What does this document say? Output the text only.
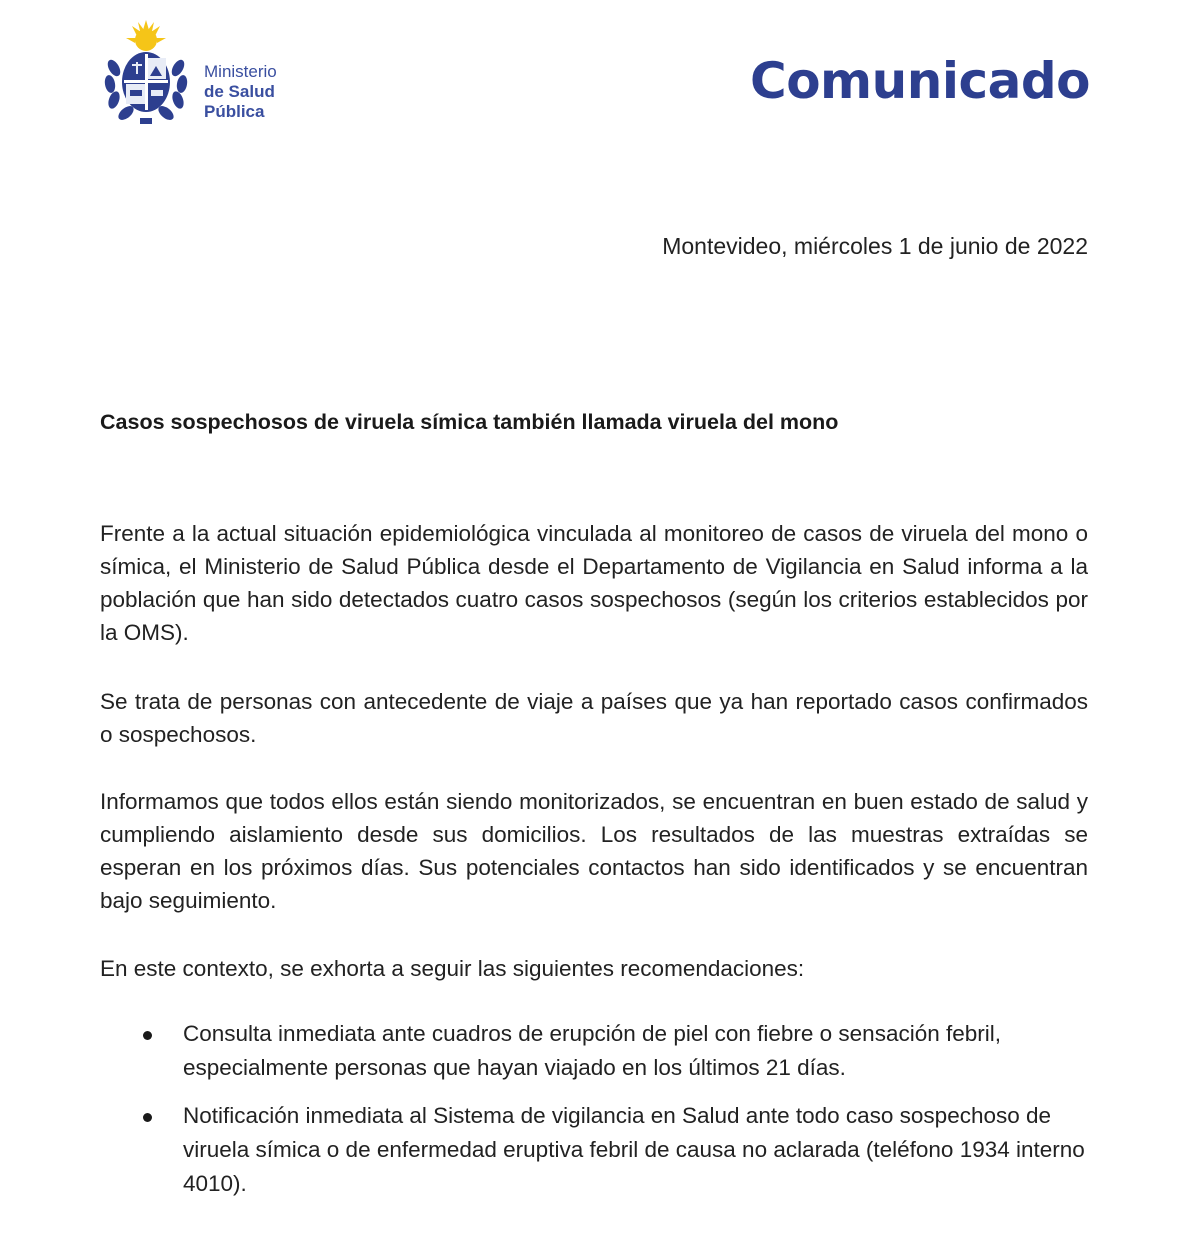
Ministerio
de Salud
Pública
Comunicado
Montevideo, miércoles 1 de junio de 2022
Casos sospechosos de viruela símica también llamada viruela del mono

Frente a la actual situación epidemiológica vinculada al monitoreo de casos de viruela del mono o símica, el Ministerio de Salud Pública desde el Departamento de Vigilancia en Salud informa a la población que han sido detectados cuatro casos sospechosos (según los criterios establecidos por la OMS).

Se trata de personas con antecedente de viaje a países que ya han reportado casos confirmados o sospechosos.

Informamos que todos ellos están siendo monitorizados, se encuentran en buen estado de salud y cumpliendo aislamiento desde sus domicilios. Los resultados de las muestras extraídas se esperan en los próximos días. Sus potenciales contactos han sido identificados y se encuentran bajo seguimiento.

En este contexto, se exhorta a seguir las siguientes recomendaciones:

Consulta inmediata ante cuadros de erupción de piel con fiebre o sensación febril, especialmente personas que hayan viajado en los últimos 21 días.
Notificación inmediata al Sistema de vigilancia en Salud ante todo caso sospechoso de viruela símica o de enfermedad eruptiva febril de causa no aclarada (teléfono 1934 interno 4010).
